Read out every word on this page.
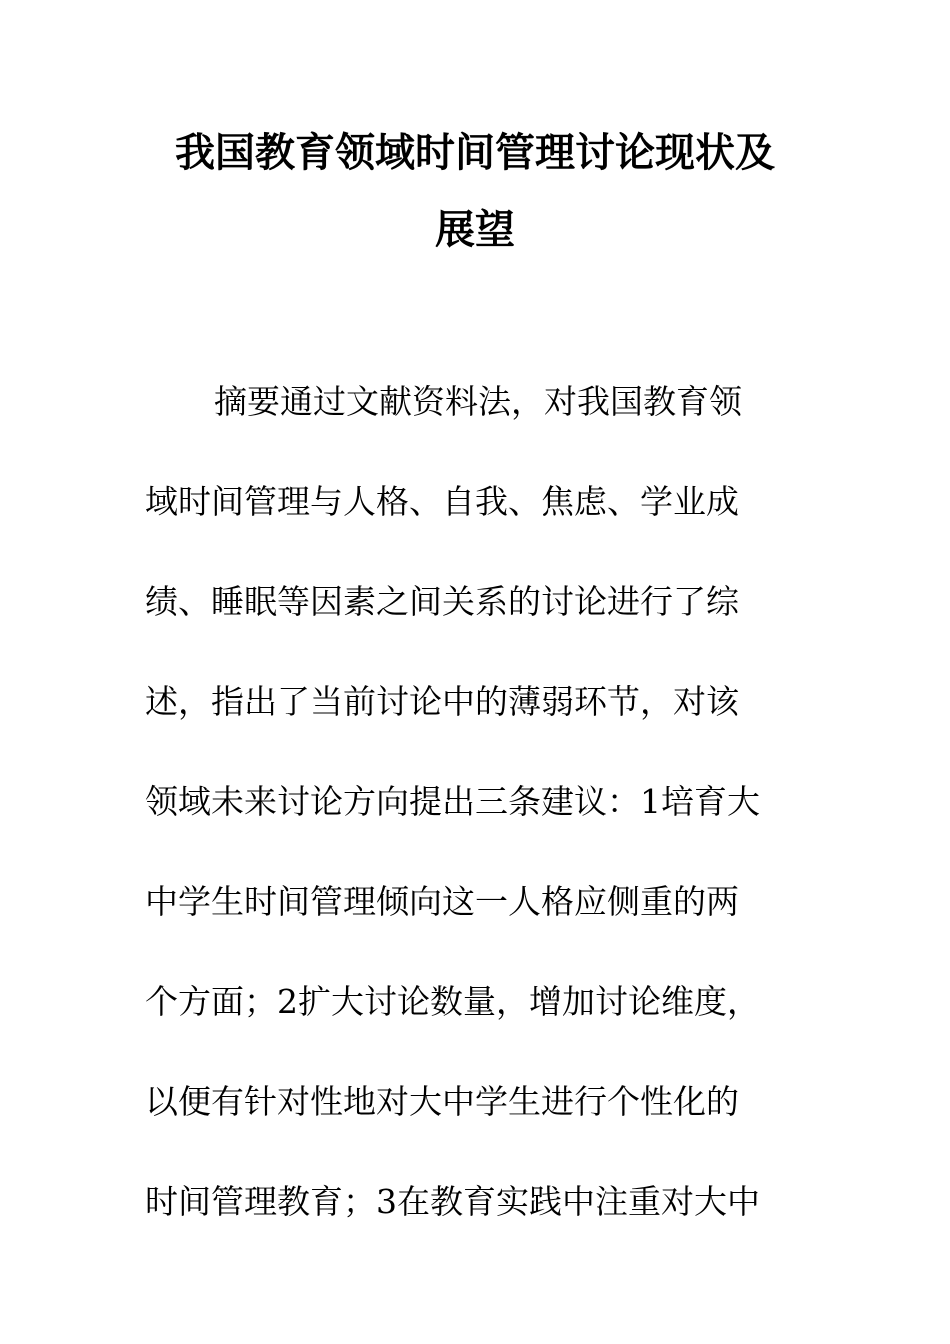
我国教育领域时间管理讨论现状及
展望
摘要通过文献资料法，对我国教育领
域时间管理与人格、自我、焦虑、学业成
绩、睡眠等因素之间关系的讨论进行了综
述，指出了当前讨论中的薄弱环节，对该
领域未来讨论方向提出三条建议：1培育大
中学生时间管理倾向这一人格应侧重的两
个方面；2扩大讨论数量，增加讨论维度，
以便有针对性地对大中学生进行个性化的
时间管理教育；3在教育实践中注重对大中
